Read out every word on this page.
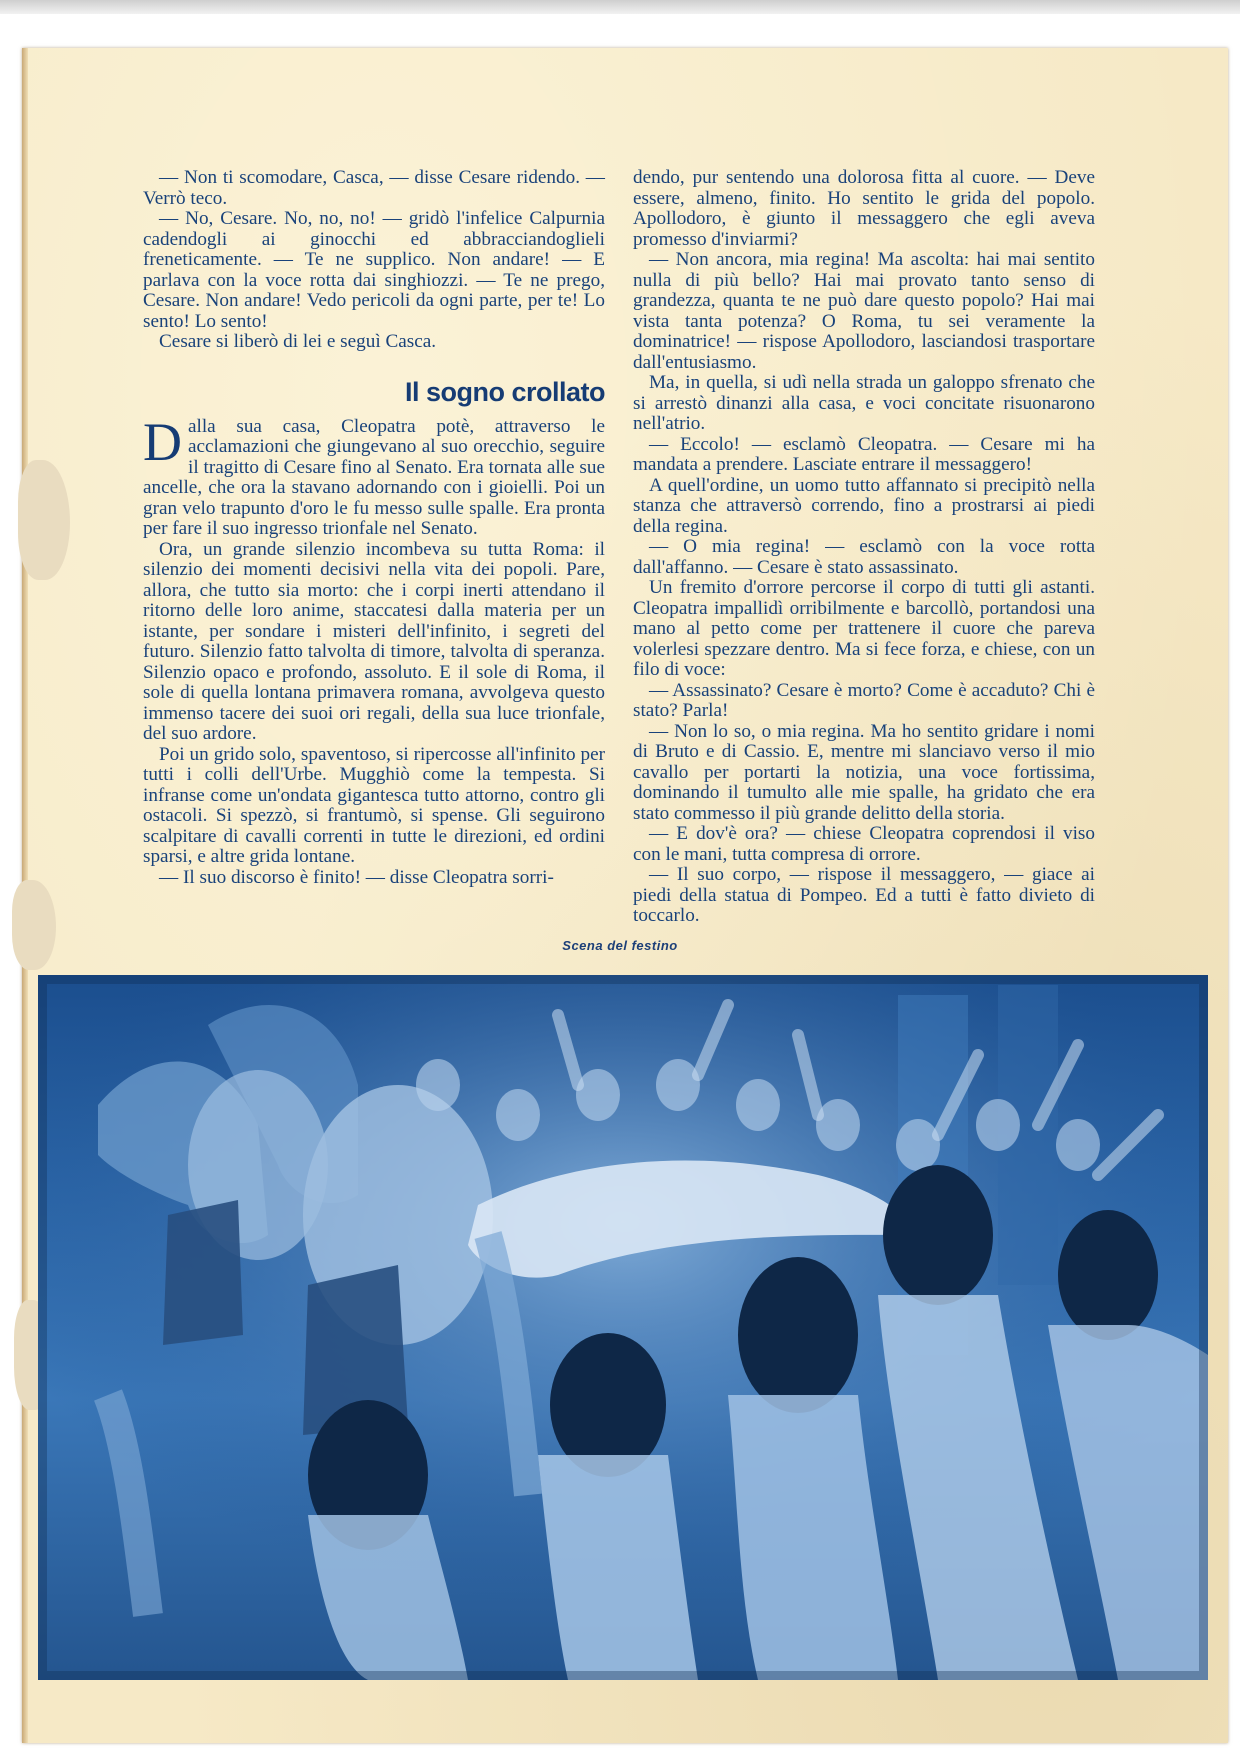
— Non ti scomodare, Casca, — disse Cesare ridendo. — Verrò teco.

— No, Cesare. No, no, no! — gridò l'infelice Calpurnia cadendogli ai ginocchi ed abbracciandoglieli freneticamente. — Te ne supplico. Non andare! — E parlava con la voce rotta dai singhiozzi. — Te ne prego, Cesare. Non andare! Vedo pericoli da ogni parte, per te! Lo sento! Lo sento!

Cesare si liberò di lei e seguì Casca.

Il sogno crollato

Dalla sua casa, Cleopatra potè, attraverso le acclamazioni che giungevano al suo orecchio, seguire il tragitto di Cesare fino al Senato. Era tornata alle sue ancelle, che ora la stavano adornando con i gioielli. Poi un gran velo trapunto d'oro le fu messo sulle spalle. Era pronta per fare il suo ingresso trionfale nel Senato.

Ora, un grande silenzio incombeva su tutta Roma: il silenzio dei momenti decisivi nella vita dei popoli. Pare, allora, che tutto sia morto: che i corpi inerti attendano il ritorno delle loro anime, staccatesi dalla materia per un istante, per sondare i misteri dell'infinito, i segreti del futuro. Silenzio fatto talvolta di timore, talvolta di speranza. Silenzio opaco e profondo, assoluto. E il sole di Roma, il sole di quella lontana primavera romana, avvolgeva questo immenso tacere dei suoi ori regali, della sua luce trionfale, del suo ardore.

Poi un grido solo, spaventoso, si ripercosse all'infinito per tutti i colli dell'Urbe. Mugghiò come la tempesta. Si infranse come un'ondata gigantesca tutto attorno, contro gli ostacoli. Si spezzò, si frantumò, si spense. Gli seguirono scalpitare di cavalli correnti in tutte le direzioni, ed ordini sparsi, e altre grida lontane.

— Il suo discorso è finito! — disse Cleopatra sorri-

dendo, pur sentendo una dolorosa fitta al cuore. — Deve essere, almeno, finito. Ho sentito le grida del popolo. Apollodoro, è giunto il messaggero che egli aveva promesso d'inviarmi?

— Non ancora, mia regina! Ma ascolta: hai mai sentito nulla di più bello? Hai mai provato tanto senso di grandezza, quanta te ne può dare questo popolo? Hai mai vista tanta potenza? O Roma, tu sei veramente la dominatrice! — rispose Apollodoro, lasciandosi trasportare dall'entusiasmo.

Ma, in quella, si udì nella strada un galoppo sfrenato che si arrestò dinanzi alla casa, e voci concitate risuonarono nell'atrio.

— Eccolo! — esclamò Cleopatra. — Cesare mi ha mandata a prendere. Lasciate entrare il messaggero!

A quell'ordine, un uomo tutto affannato si precipitò nella stanza che attraversò correndo, fino a prostrarsi ai piedi della regina.

— O mia regina! — esclamò con la voce rotta dall'affanno. — Cesare è stato assassinato.

Un fremito d'orrore percorse il corpo di tutti gli astanti. Cleopatra impallidì orribilmente e barcollò, portandosi una mano al petto come per trattenere il cuore che pareva volerlesi spezzare dentro. Ma si fece forza, e chiese, con un filo di voce:

— Assassinato? Cesare è morto? Come è accaduto? Chi è stato? Parla!

— Non lo so, o mia regina. Ma ho sentito gridare i nomi di Bruto e di Cassio. E, mentre mi slanciavo verso il mio cavallo per portarti la notizia, una voce fortissima, dominando il tumulto alle mie spalle, ha gridato che era stato commesso il più grande delitto della storia.

— E dov'è ora? — chiese Cleopatra coprendosi il viso con le mani, tutta compresa di orrore.

— Il suo corpo, — rispose il messaggero, — giace ai piedi della statua di Pompeo. Ed a tutti è fatto divieto di toccarlo.

Scena del festino
